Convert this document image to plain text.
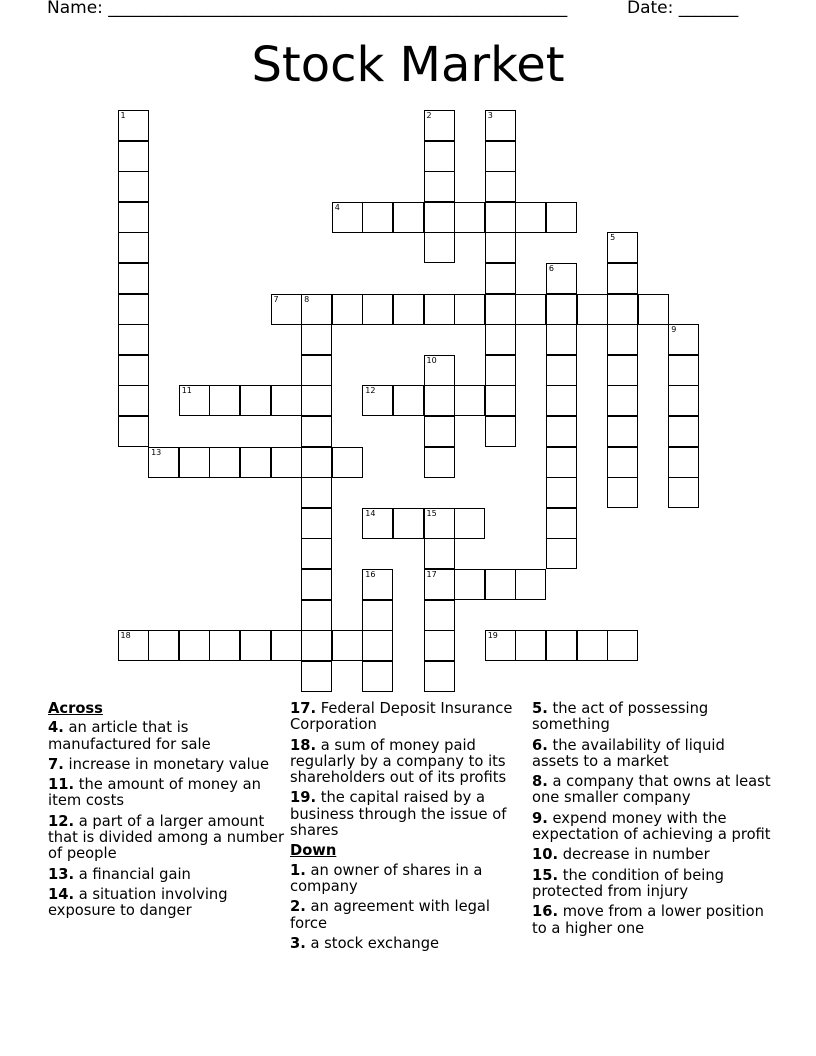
Name: ______________________________________________________	Date: _______
Stock Market
1	2	3
4
5
6
7	8
9
10
11	12
13
14	15
17
16
18	19
Across
4. an article that is manufactured for sale
7. increase in monetary value
11. the amount of money an item costs
12. a part of a larger amount that is divided among a number of people
13. a financial gain
14. a situation involving exposure to danger
17. Federal Deposit Insurance Corporation
18. a sum of money paid regularly by a company to its shareholders out of its profits
19. the capital raised by a business through the issue of shares
Down
1. an owner of shares in a company
2. an agreement with legal force
3. a stock exchange
5. the act of possessing something
6. the availability of liquid assets to a market
8. a company that owns at least one smaller company
9. expend money with the expectation of achieving a profit
10. decrease in number
15. the condition of being protected from injury
16. move from a lower position to a higher one
